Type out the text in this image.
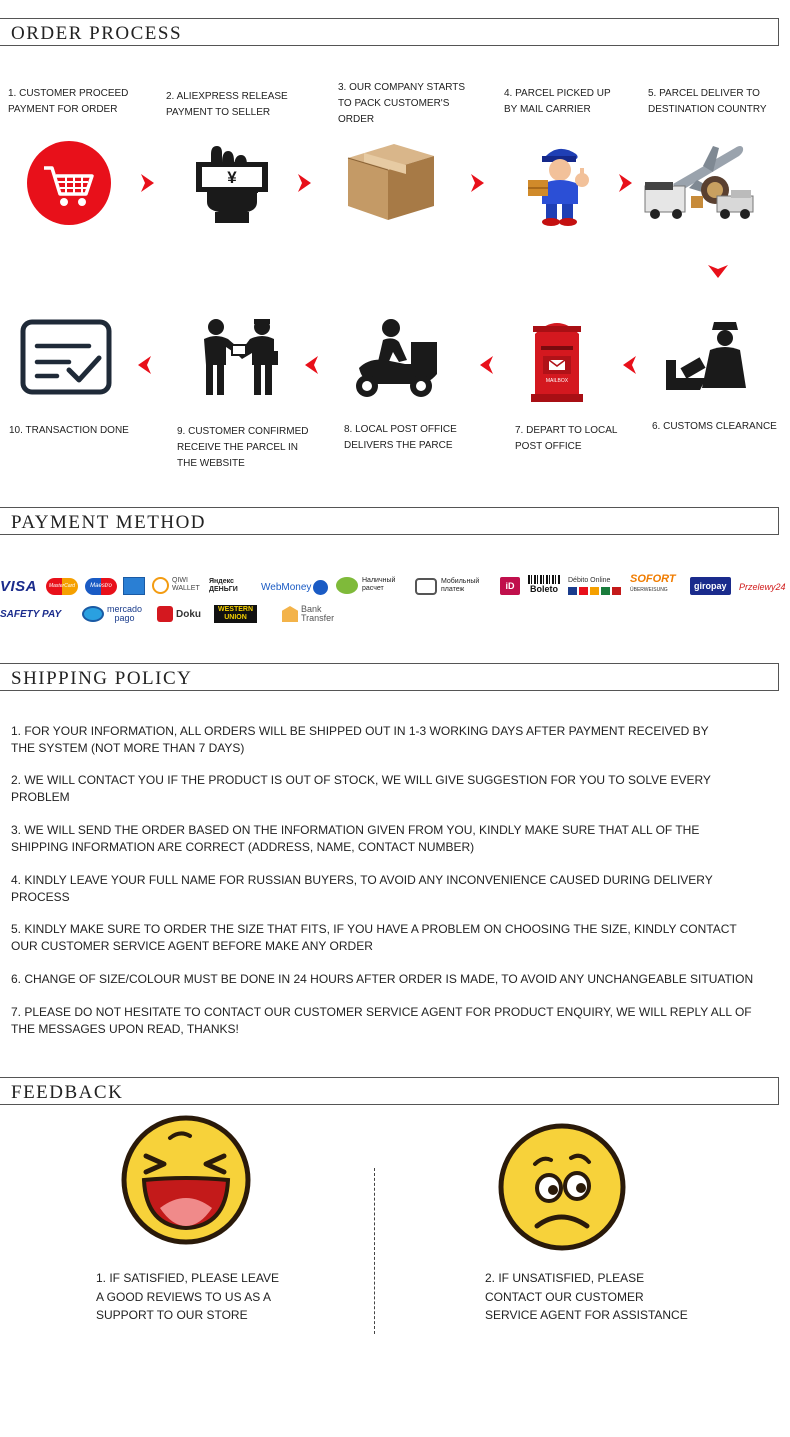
ORDER PROCESS
1. CUSTOMER PROCEED
PAYMENT FOR ORDER
2. ALIEXPRESS RELEASE
PAYMENT TO SELLER
3. OUR COMPANY STARTS
TO PACK CUSTOMER'S
ORDER
4. PARCEL PICKED UP
BY MAIL CARRIER
5. PARCEL DELIVER TO
DESTINATION COUNTRY
¥
MAILBOX
10. TRANSACTION DONE	9. CUSTOMER CONFIRMED
RECEIVE THE PARCEL IN
THE WEBSITE
8. LOCAL POST OFFICE
DELIVERS THE PARCE
7. DEPART TO LOCAL
POST OFFICE
6. CUSTOMS CLEARANCE
PAYMENT METHOD
VISA MasterCard	Maestro
QIWI
WALLET
Яндекс
ДЕНЬГИ WebMoney
Наличный
расчет
Мобильный
платеж	iD Boleto
Débito Online	SOFORT
ÜBERWEISUNG	giropay	Przelewy24
SAFETY PAY	mercado
pago	Doku	WESTERN
UNION
Bank
Transfer
SHIPPING POLICY
1. FOR YOUR INFORMATION, ALL ORDERS WILL BE SHIPPED OUT IN 1-3 WORKING DAYS AFTER PAYMENT RECEIVED BY
THE SYSTEM (NOT MORE THAN 7 DAYS)
2. WE WILL CONTACT YOU IF THE PRODUCT IS OUT OF STOCK, WE WILL GIVE SUGGESTION FOR YOU TO SOLVE EVERY
PROBLEM
3. WE WILL SEND THE ORDER BASED ON THE INFORMATION GIVEN FROM YOU, KINDLY MAKE SURE THAT ALL OF THE
SHIPPING INFORMATION ARE CORRECT (ADDRESS, NAME, CONTACT NUMBER)
4. KINDLY LEAVE YOUR FULL NAME FOR RUSSIAN BUYERS, TO AVOID ANY INCONVENIENCE CAUSED DURING DELIVERY
PROCESS
5. KINDLY MAKE SURE TO ORDER THE SIZE THAT FITS, IF YOU HAVE A PROBLEM ON CHOOSING THE SIZE, KINDLY CONTACT
OUR CUSTOMER SERVICE AGENT BEFORE MAKE ANY ORDER
6. CHANGE OF SIZE/COLOUR MUST BE DONE IN 24 HOURS AFTER ORDER IS MADE, TO AVOID ANY UNCHANGEABLE SITUATION
7. PLEASE DO NOT HESITATE TO CONTACT OUR CUSTOMER SERVICE AGENT FOR PRODUCT ENQUIRY, WE WILL REPLY ALL OF
THE MESSAGES UPON READ, THANKS!
FEEDBACK
1. IF SATISFIED, PLEASE LEAVE
A GOOD REVIEWS TO US AS A
SUPPORT TO OUR STORE
2. IF UNSATISFIED, PLEASE
CONTACT OUR CUSTOMER
SERVICE AGENT FOR ASSISTANCE
